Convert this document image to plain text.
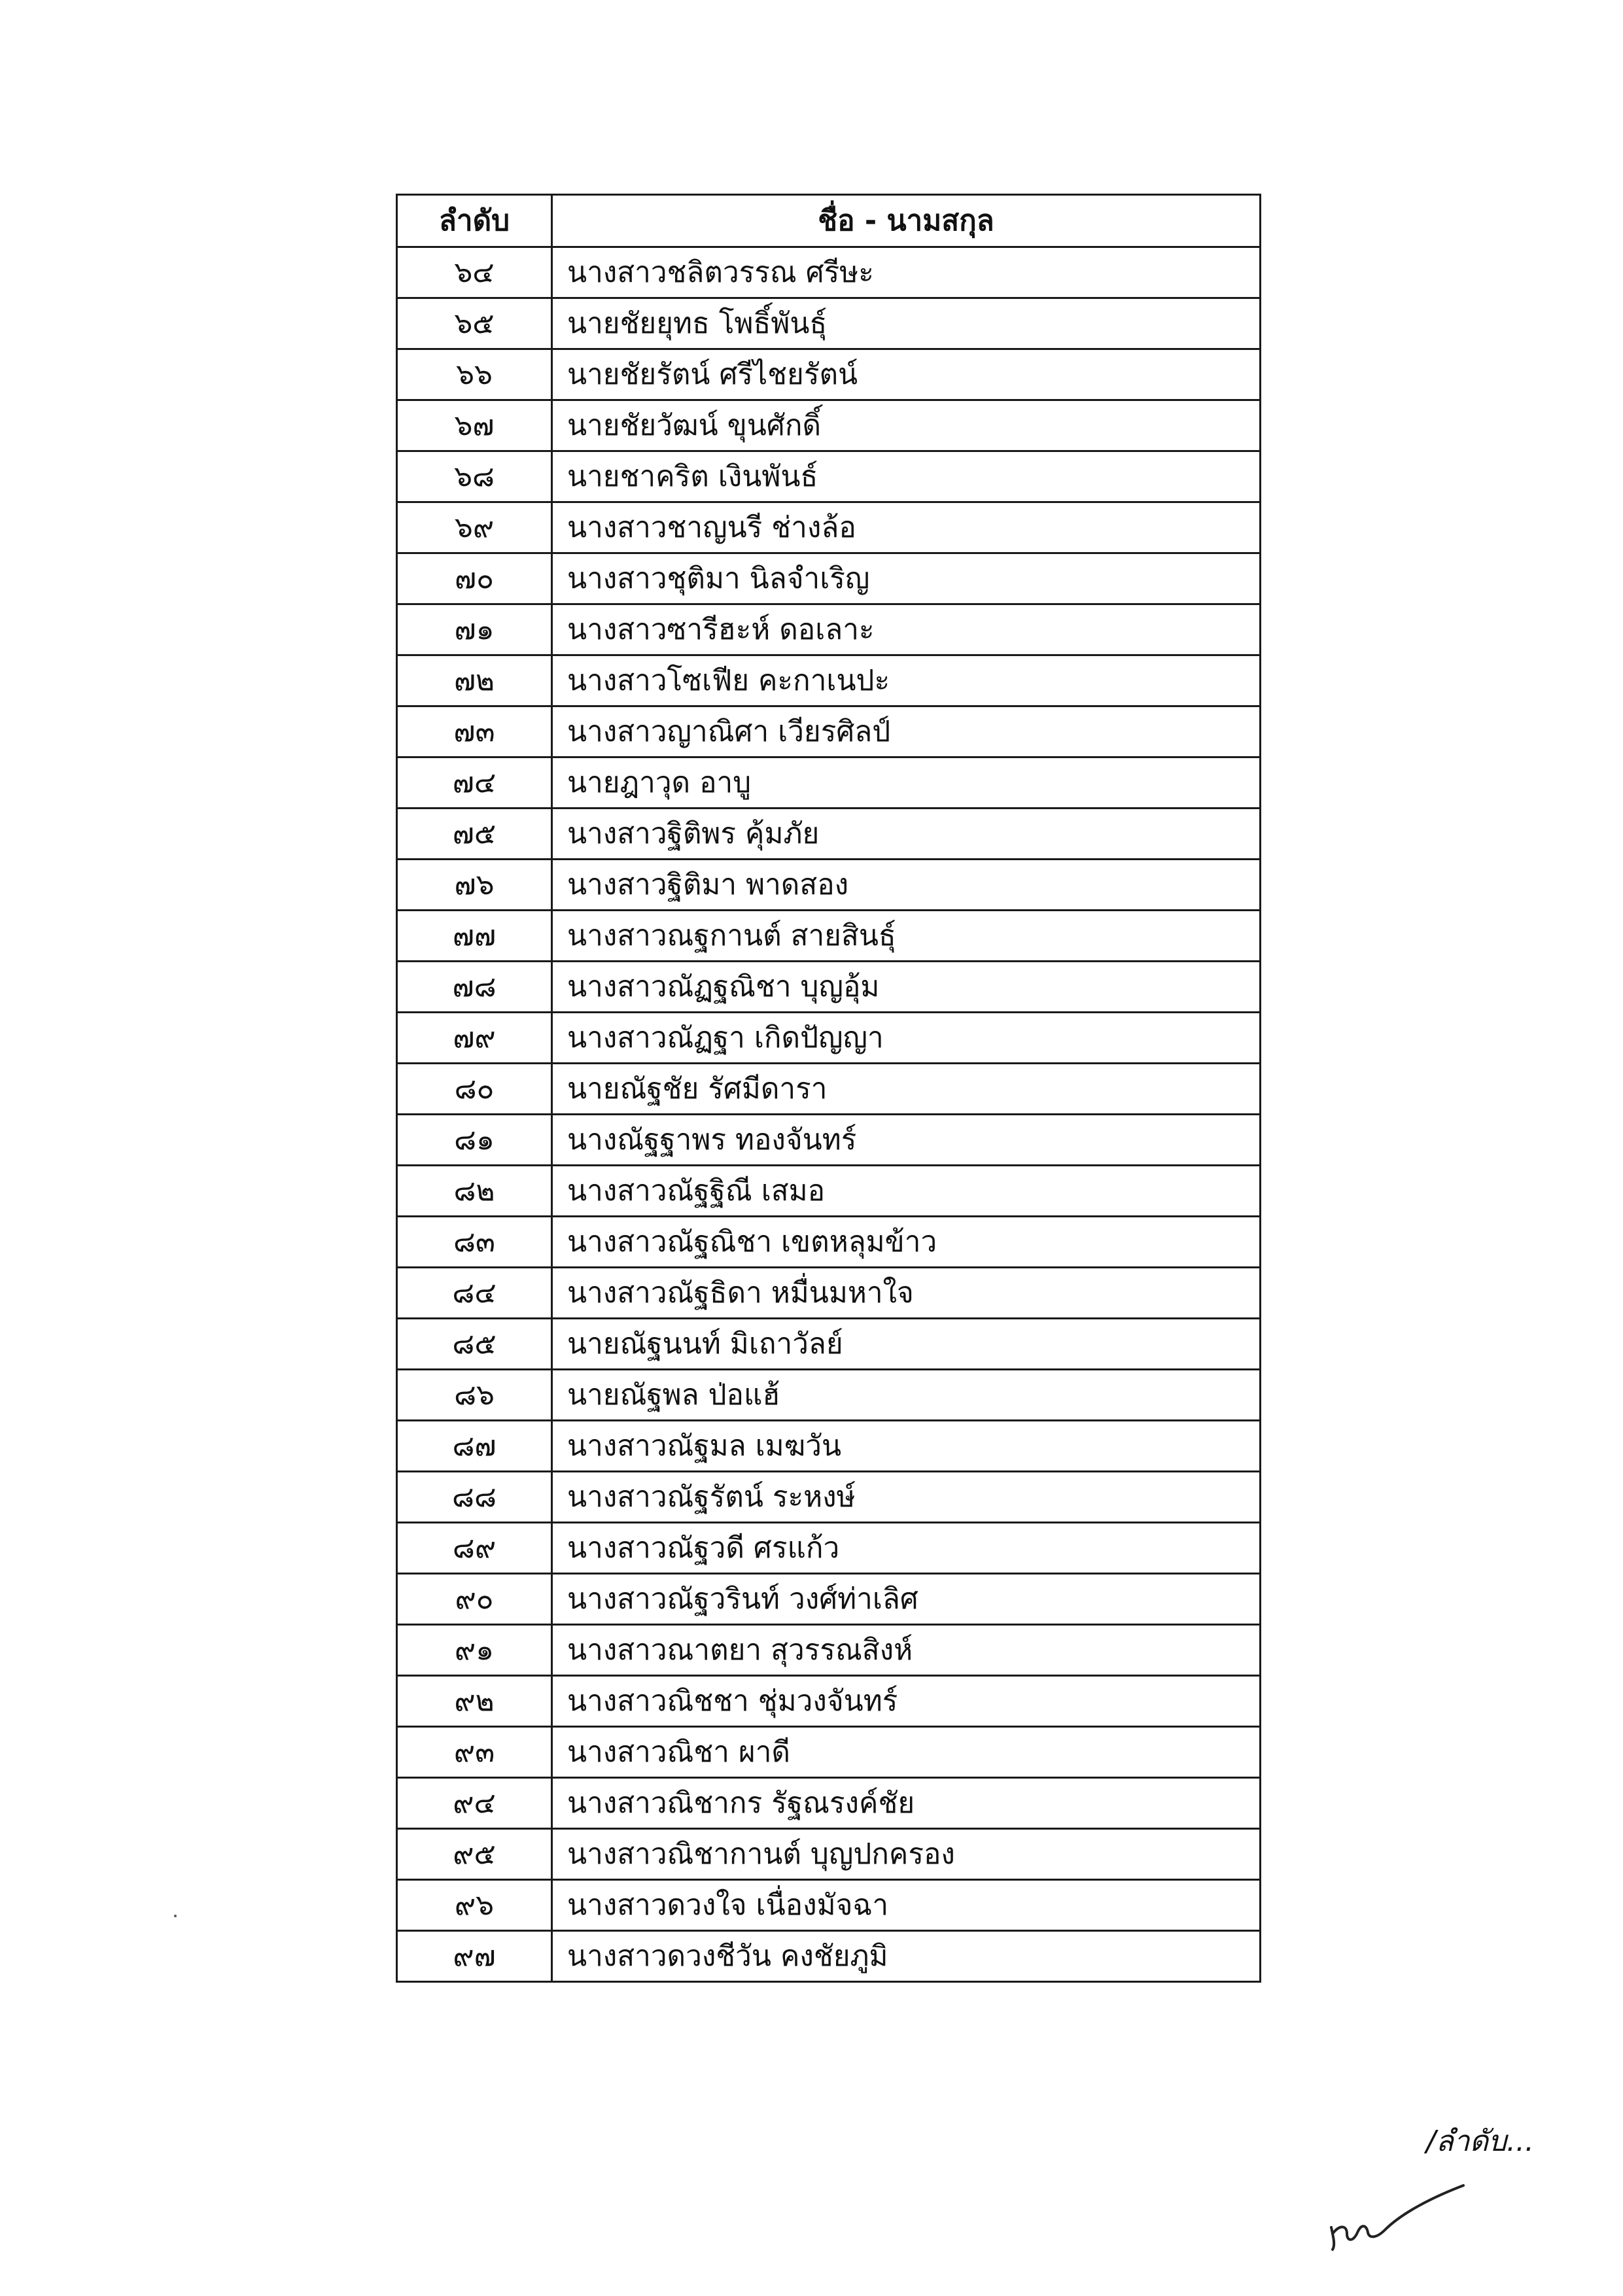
ลำดับ	ชื่อ - นามสกุล
๖๔	นางสาวชลิตวรรณ ศรีษะ
๖๕	นายชัยยุทธ โพธิ์พันธุ์
๖๖	นายชัยรัตน์ ศรีไชยรัตน์
๖๗	นายชัยวัฒน์ ขุนศักดิ์
๖๘	นายชาคริต เงินพันธ์
๖๙	นางสาวชาญนรี ช่างล้อ
๗๐	นางสาวชุติมา นิลจำเริญ
๗๑	นางสาวซารีฮะห์ ดอเลาะ
๗๒	นางสาวโซเฟีย คะกาเนปะ
๗๓	นางสาวญาณิศา เวียรศิลป์
๗๔	นายฎาวุด อาบู
๗๕	นางสาวฐิติพร คุ้มภัย
๗๖	นางสาวฐิติมา พาดสอง
๗๗	นางสาวณฐกานต์ สายสินธุ์
๗๘	นางสาวณัฏฐณิชา บุญอุ้ม
๗๙	นางสาวณัฏฐา เกิดปัญญา
๘๐	นายณัฐชัย รัศมีดารา
๘๑	นางณัฐฐาพร ทองจันทร์
๘๒	นางสาวณัฐฐิณี เสมอ
๘๓	นางสาวณัฐณิชา เขตหลุมข้าว
๘๔	นางสาวณัฐธิดา หมื่นมหาใจ
๘๕	นายณัฐนนท์ มิเถาวัลย์
๘๖	นายณัฐพล ป่อแฮ้
๘๗	นางสาวณัฐมล เมฆวัน
๘๘	นางสาวณัฐรัตน์ ระหงษ์
๘๙	นางสาวณัฐวดี ศรแก้ว
๙๐	นางสาวณัฐวรินท์ วงศ์ท่าเลิศ
๙๑	นางสาวณาตยา สุวรรณสิงห์
๙๒	นางสาวณิชชา ชุ่มวงจันทร์
๙๓	นางสาวณิชา ผาดี
๙๔	นางสาวณิชากร รัฐณรงค์ชัย
๙๕	นางสาวณิชากานต์ บุญปกครอง
๙๖	นางสาวดวงใจ เนื่องมัจฉา
๙๗	นางสาวดวงชีวัน คงชัยภูมิ
/ลำดับ...
